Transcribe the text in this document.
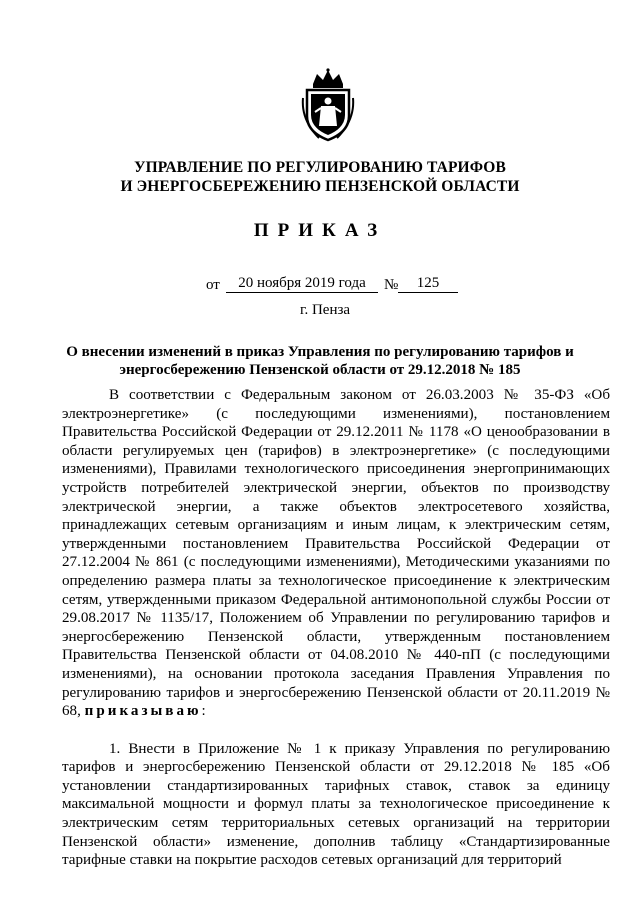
УПРАВЛЕНИЕ ПО РЕГУЛИРОВАНИЮ ТАРИФОВ
И ЭНЕРГОСБЕРЕЖЕНИЮ ПЕНЗЕНСКОЙ ОБЛАСТИ
ПРИКАЗ
от	20 ноября 2019 года	№	125
г. Пенза
О внесении изменений в приказ Управления по регулированию тарифов и
энергосбережению Пензенской области от 29.12.2018 № 185

В соответствии с Федеральным законом от 26.03.2003 № 35-ФЗ «Об электроэнергетике» (с последующими изменениями), постановлением Правительства Российской Федерации от 29.12.2011 № 1178 «О ценообразовании в области регулируемых цен (тарифов) в электроэнергетике» (с последующими изменениями), Правилами технологического присоединения энергопринимающих устройств потребителей электрической энергии, объектов по производству электрической энергии, а также объектов электросетевого хозяйства, принадлежащих сетевым организациям и иным лицам, к электрическим сетям, утвержденными постановлением Правительства Российской Федерации от 27.12.2004 № 861 (с последующими изменениями), Методическими указаниями по определению размера платы за технологическое присоединение к электрическим сетям, утвержденными приказом Федеральной антимонопольной службы России от 29.08.2017 № 1135/17, Положением об Управлении по регулированию тарифов и энергосбережению Пензенской области, утвержденным постановлением Правительства Пензенской области от 04.08.2010 № 440-пП (с последующими изменениями), на основании протокола заседания Правления Управления по регулированию тарифов и энергосбережению Пензенской области от 20.11.2019 № 68, приказываю:

1. Внести в Приложение № 1 к приказу Управления по регулированию тарифов и энергосбережению Пензенской области от 29.12.2018 № 185 «Об установлении стандартизированных тарифных ставок, ставок за единицу максимальной мощности и формул платы за технологическое присоединение к электрическим сетям территориальных сетевых организаций на территории Пензенской области» изменение, дополнив таблицу «Стандартизированные тарифные ставки на покрытие расходов сетевых организаций для территорий
